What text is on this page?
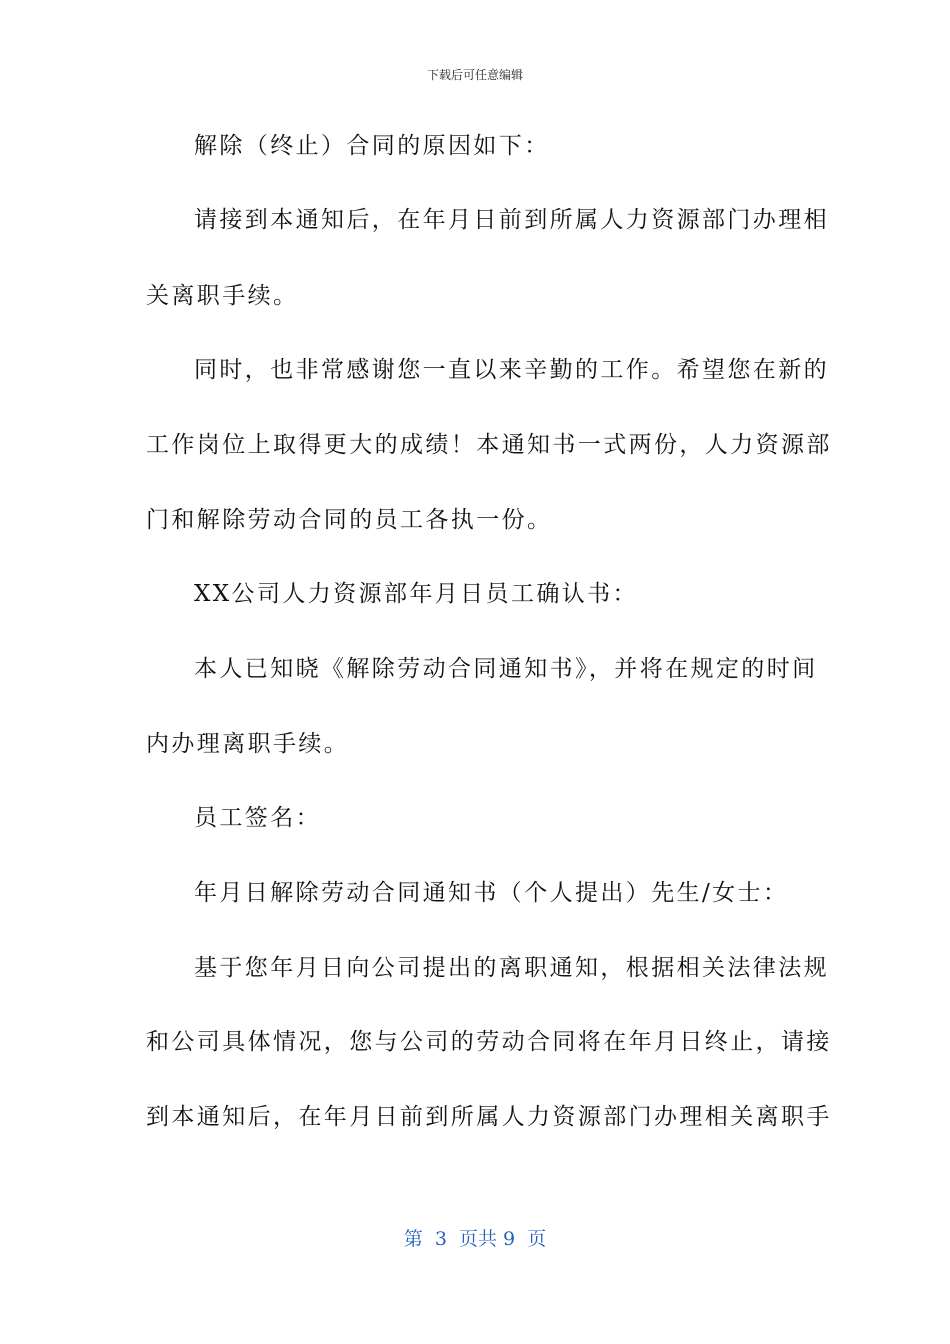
下载后可任意编辑
解除（终止）合同的原因如下：
请接到本通知后，在年月日前到所属人力资源部门办理相
关离职手续。
同时，也非常感谢您一直以来辛勤的工作。希望您在新的
工作岗位上取得更大的成绩！本通知书一式两份，人力资源部
门和解除劳动合同的员工各执一份。
XX公司人力资源部年月日员工确认书：
本人已知晓《解除劳动合同通知书》，并将在规定的时间
内办理离职手续。
员工签名：
年月日解除劳动合同通知书（个人提出）先生/女士：
基于您年月日向公司提出的离职通知，根据相关法律法规
和公司具体情况，您与公司的劳动合同将在年月日终止，请接
到本通知后，在年月日前到所属人力资源部门办理相关离职手
第  3  页共 9  页
